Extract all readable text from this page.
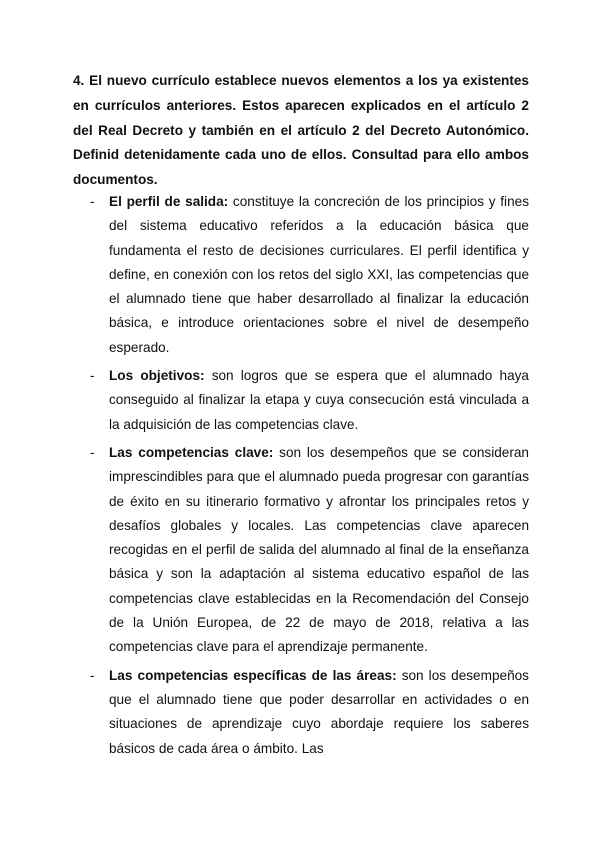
4. El nuevo currículo establece nuevos elementos a los ya existentes en currículos anteriores. Estos aparecen explicados en el artículo 2 del Real Decreto y también en el artículo 2 del Decreto Autonómico. Definid detenidamente cada uno de ellos. Consultad para ello ambos documentos.

- El perfil de salida: constituye la concreción de los principios y fines del sistema educativo referidos a la educación básica que fundamenta el resto de decisiones curriculares. El perfil identifica y define, en conexión con los retos del siglo XXI, las competencias que el alumnado tiene que haber desarrollado al finalizar la educación básica, e introduce orientaciones sobre el nivel de desempeño esperado.
- Los objetivos: son logros que se espera que el alumnado haya conseguido al finalizar la etapa y cuya consecución está vinculada a la adquisición de las competencias clave.
- Las competencias clave: son los desempeños que se consideran imprescindibles para que el alumnado pueda progresar con garantías de éxito en su itinerario formativo y afrontar los principales retos y desafíos globales y locales. Las competencias clave aparecen recogidas en el perfil de salida del alumnado al final de la enseñanza básica y son la adaptación al sistema educativo español de las competencias clave establecidas en la Recomendación del Consejo de la Unión Europea, de 22 de mayo de 2018, relativa a las competencias clave para el aprendizaje permanente.
- Las competencias específicas de las áreas: son los desempeños que el alumnado tiene que poder desarrollar en actividades o en situaciones de aprendizaje cuyo abordaje requiere los saberes básicos de cada área o ámbito. Las
